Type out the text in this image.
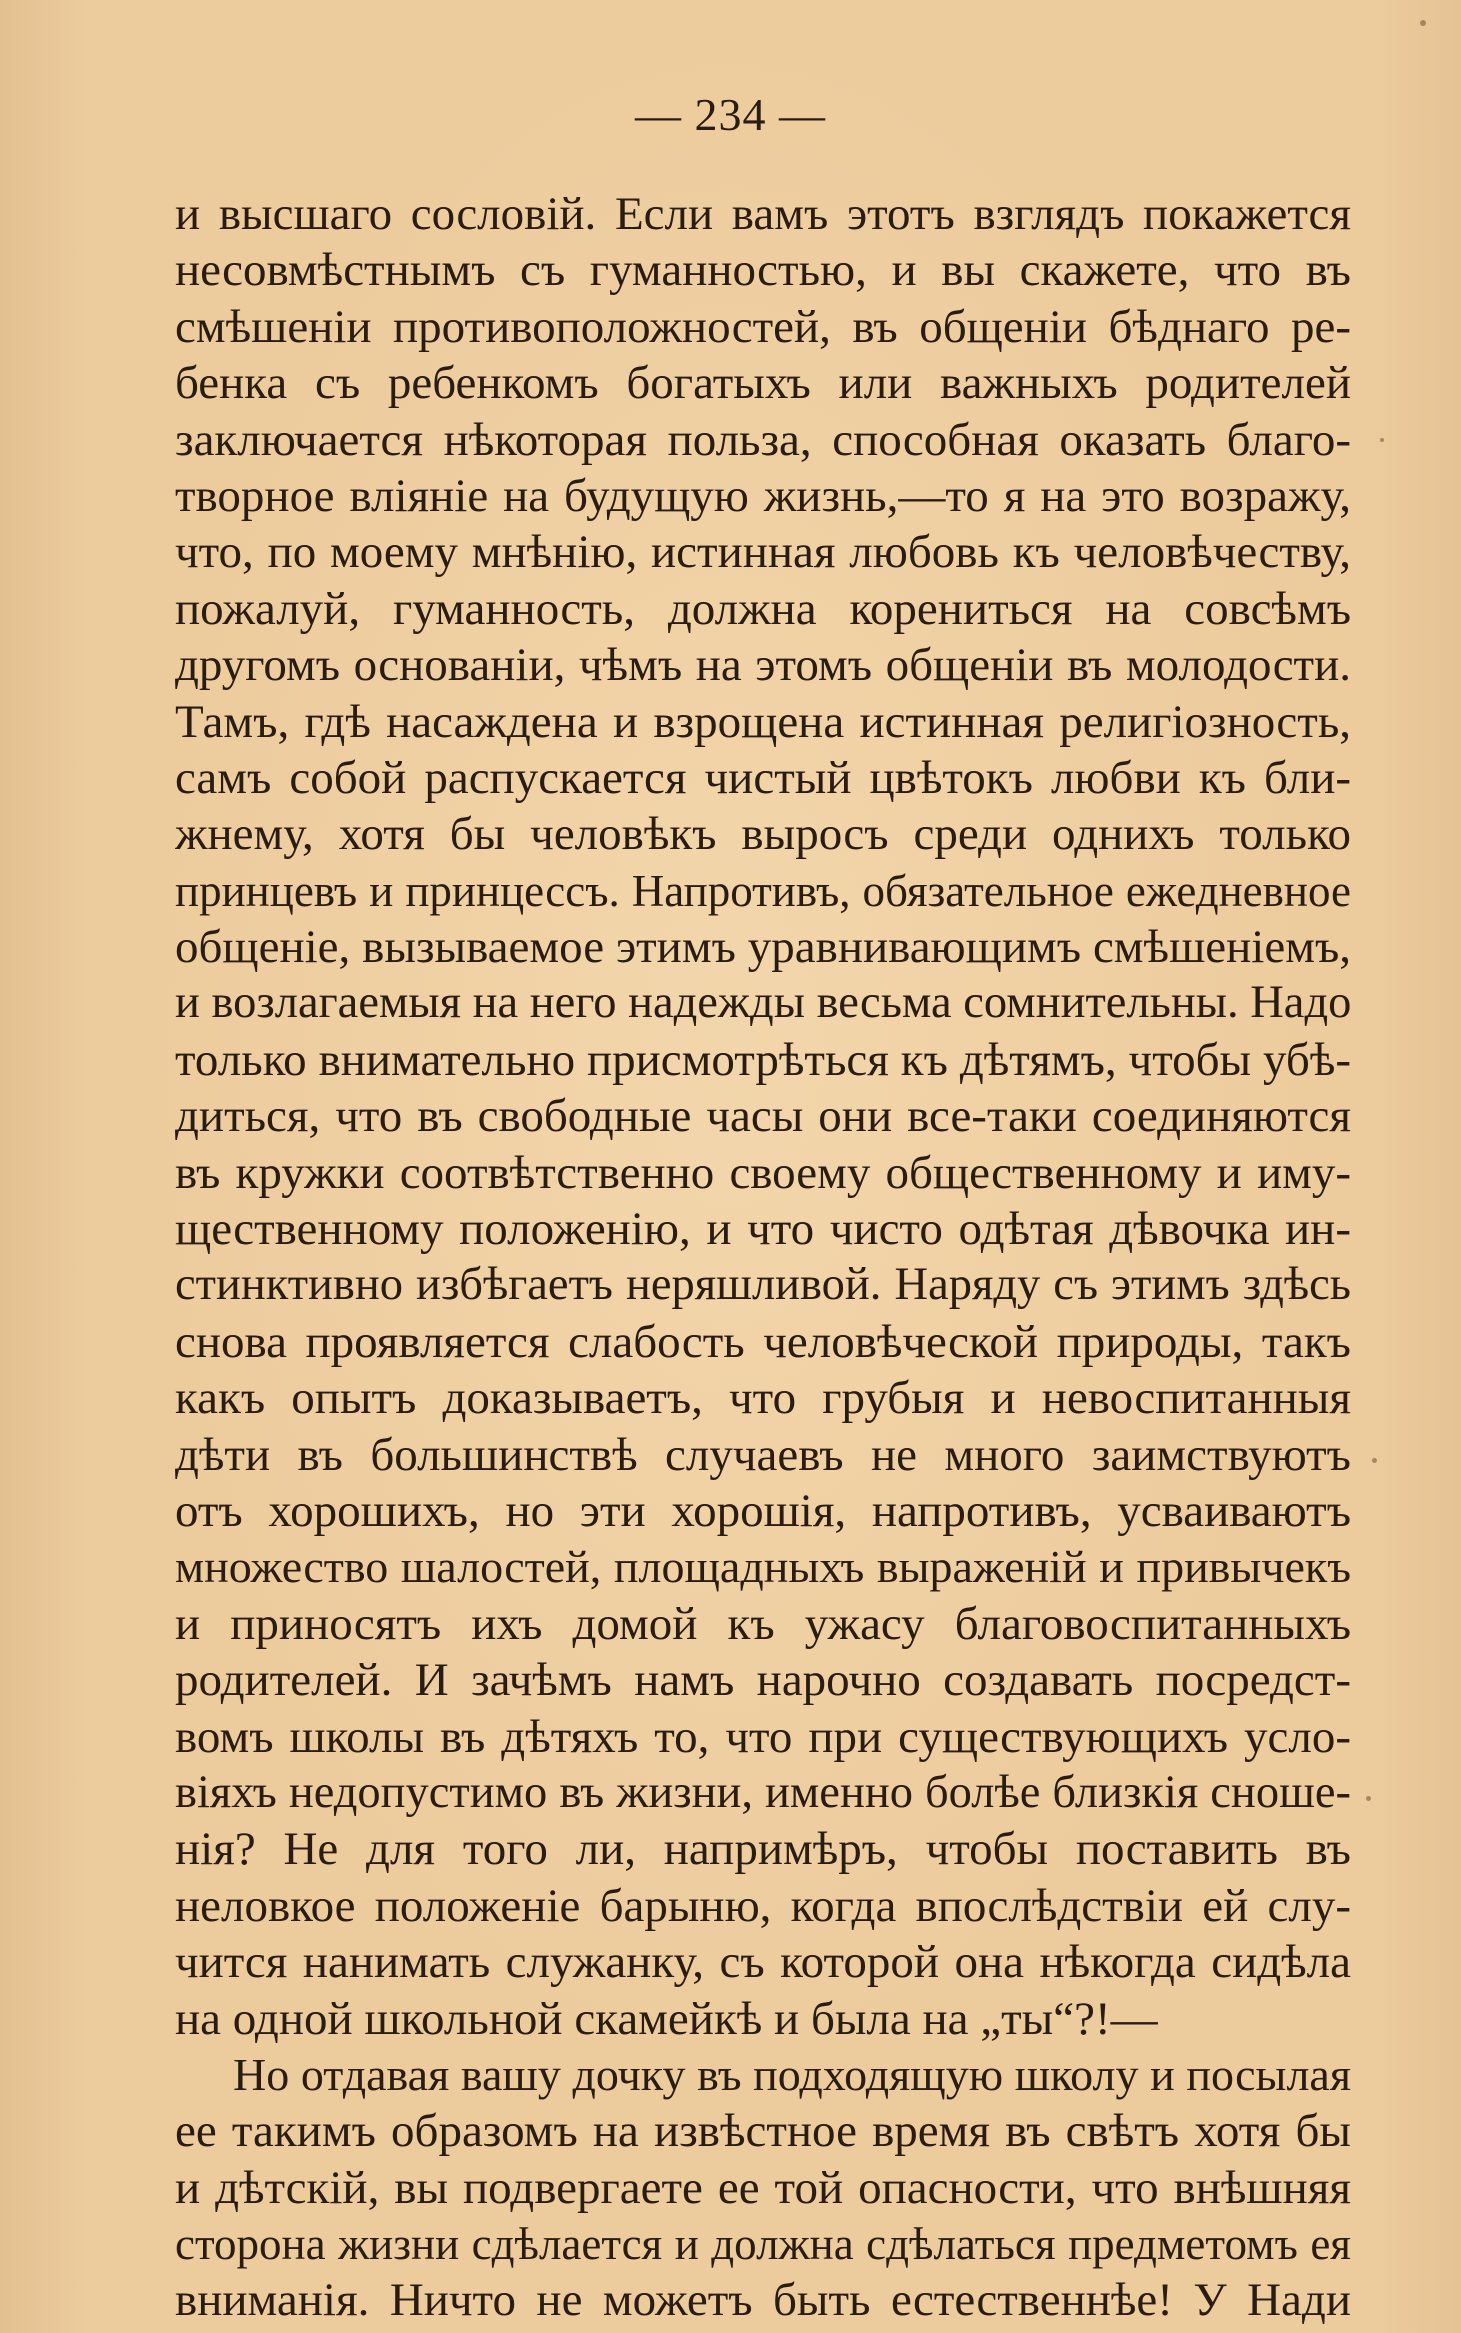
— 234 —
и высшаго сословій. Если вамъ этотъ взглядъ покажется
несовмѣстнымъ съ гуманностью, и вы скажете, что въ
смѣшеніи противоположностей, въ общеніи бѣднаго ре-
бенка съ ребенкомъ богатыхъ или важныхъ родителей
заключается нѣкоторая польза, способная оказать благо-
творное вліяніе на будущую жизнь,—то я на это возражу,
что, по моему мнѣнію, истинная любовь къ человѣчеству,
пожалуй, гуманность, должна корениться на совсѣмъ
другомъ основаніи, чѣмъ на этомъ общеніи въ молодости.
Тамъ, гдѣ насаждена и взрощена истинная религіозность,
самъ собой распускается чистый цвѣтокъ любви къ бли-
жнему, хотя бы человѣкъ выросъ среди однихъ только
принцевъ и принцессъ. Напротивъ, обязательное ежедневное
общеніе, вызываемое этимъ уравнивающимъ смѣшеніемъ,
и возлагаемыя на него надежды весьма сомнительны. Надо
только внимательно присмотрѣться къ дѣтямъ, чтобы убѣ-
диться, что въ свободные часы они все-таки соединяются
въ кружки соотвѣтственно своему общественному и иму-
щественному положенію, и что чисто одѣтая дѣвочка ин-
стинктивно избѣгаетъ неряшливой. Наряду съ этимъ здѣсь
снова проявляется слабость человѣческой природы, такъ
какъ опытъ доказываетъ, что грубыя и невоспитанныя
дѣти въ большинствѣ случаевъ не много заимствуютъ
отъ хорошихъ, но эти хорошія, напротивъ, усваиваютъ
множество шалостей, площадныхъ выраженій и привычекъ
и приносятъ ихъ домой къ ужасу благовоспитанныхъ
родителей. И зачѣмъ намъ нарочно создавать посредст-
вомъ школы въ дѣтяхъ то, что при существующихъ усло-
віяхъ недопустимо въ жизни, именно болѣе близкія сноше-
нія? Не для того ли, напримѣръ, чтобы поставить въ
неловкое положеніе барыню, когда впослѣдствіи ей слу-
чится нанимать служанку, съ которой она нѣкогда сидѣла
на одной школьной скамейкѣ и была на „ты“?!—
Но отдавая вашу дочку въ подходящую школу и посылая
ее такимъ образомъ на извѣстное время въ свѣтъ хотя бы
и дѣтскій, вы подвергаете ее той опасности, что внѣшняя
сторона жизни сдѣлается и должна сдѣлаться предметомъ ея
вниманія. Ничто не можетъ быть естественнѣе! У Нади
